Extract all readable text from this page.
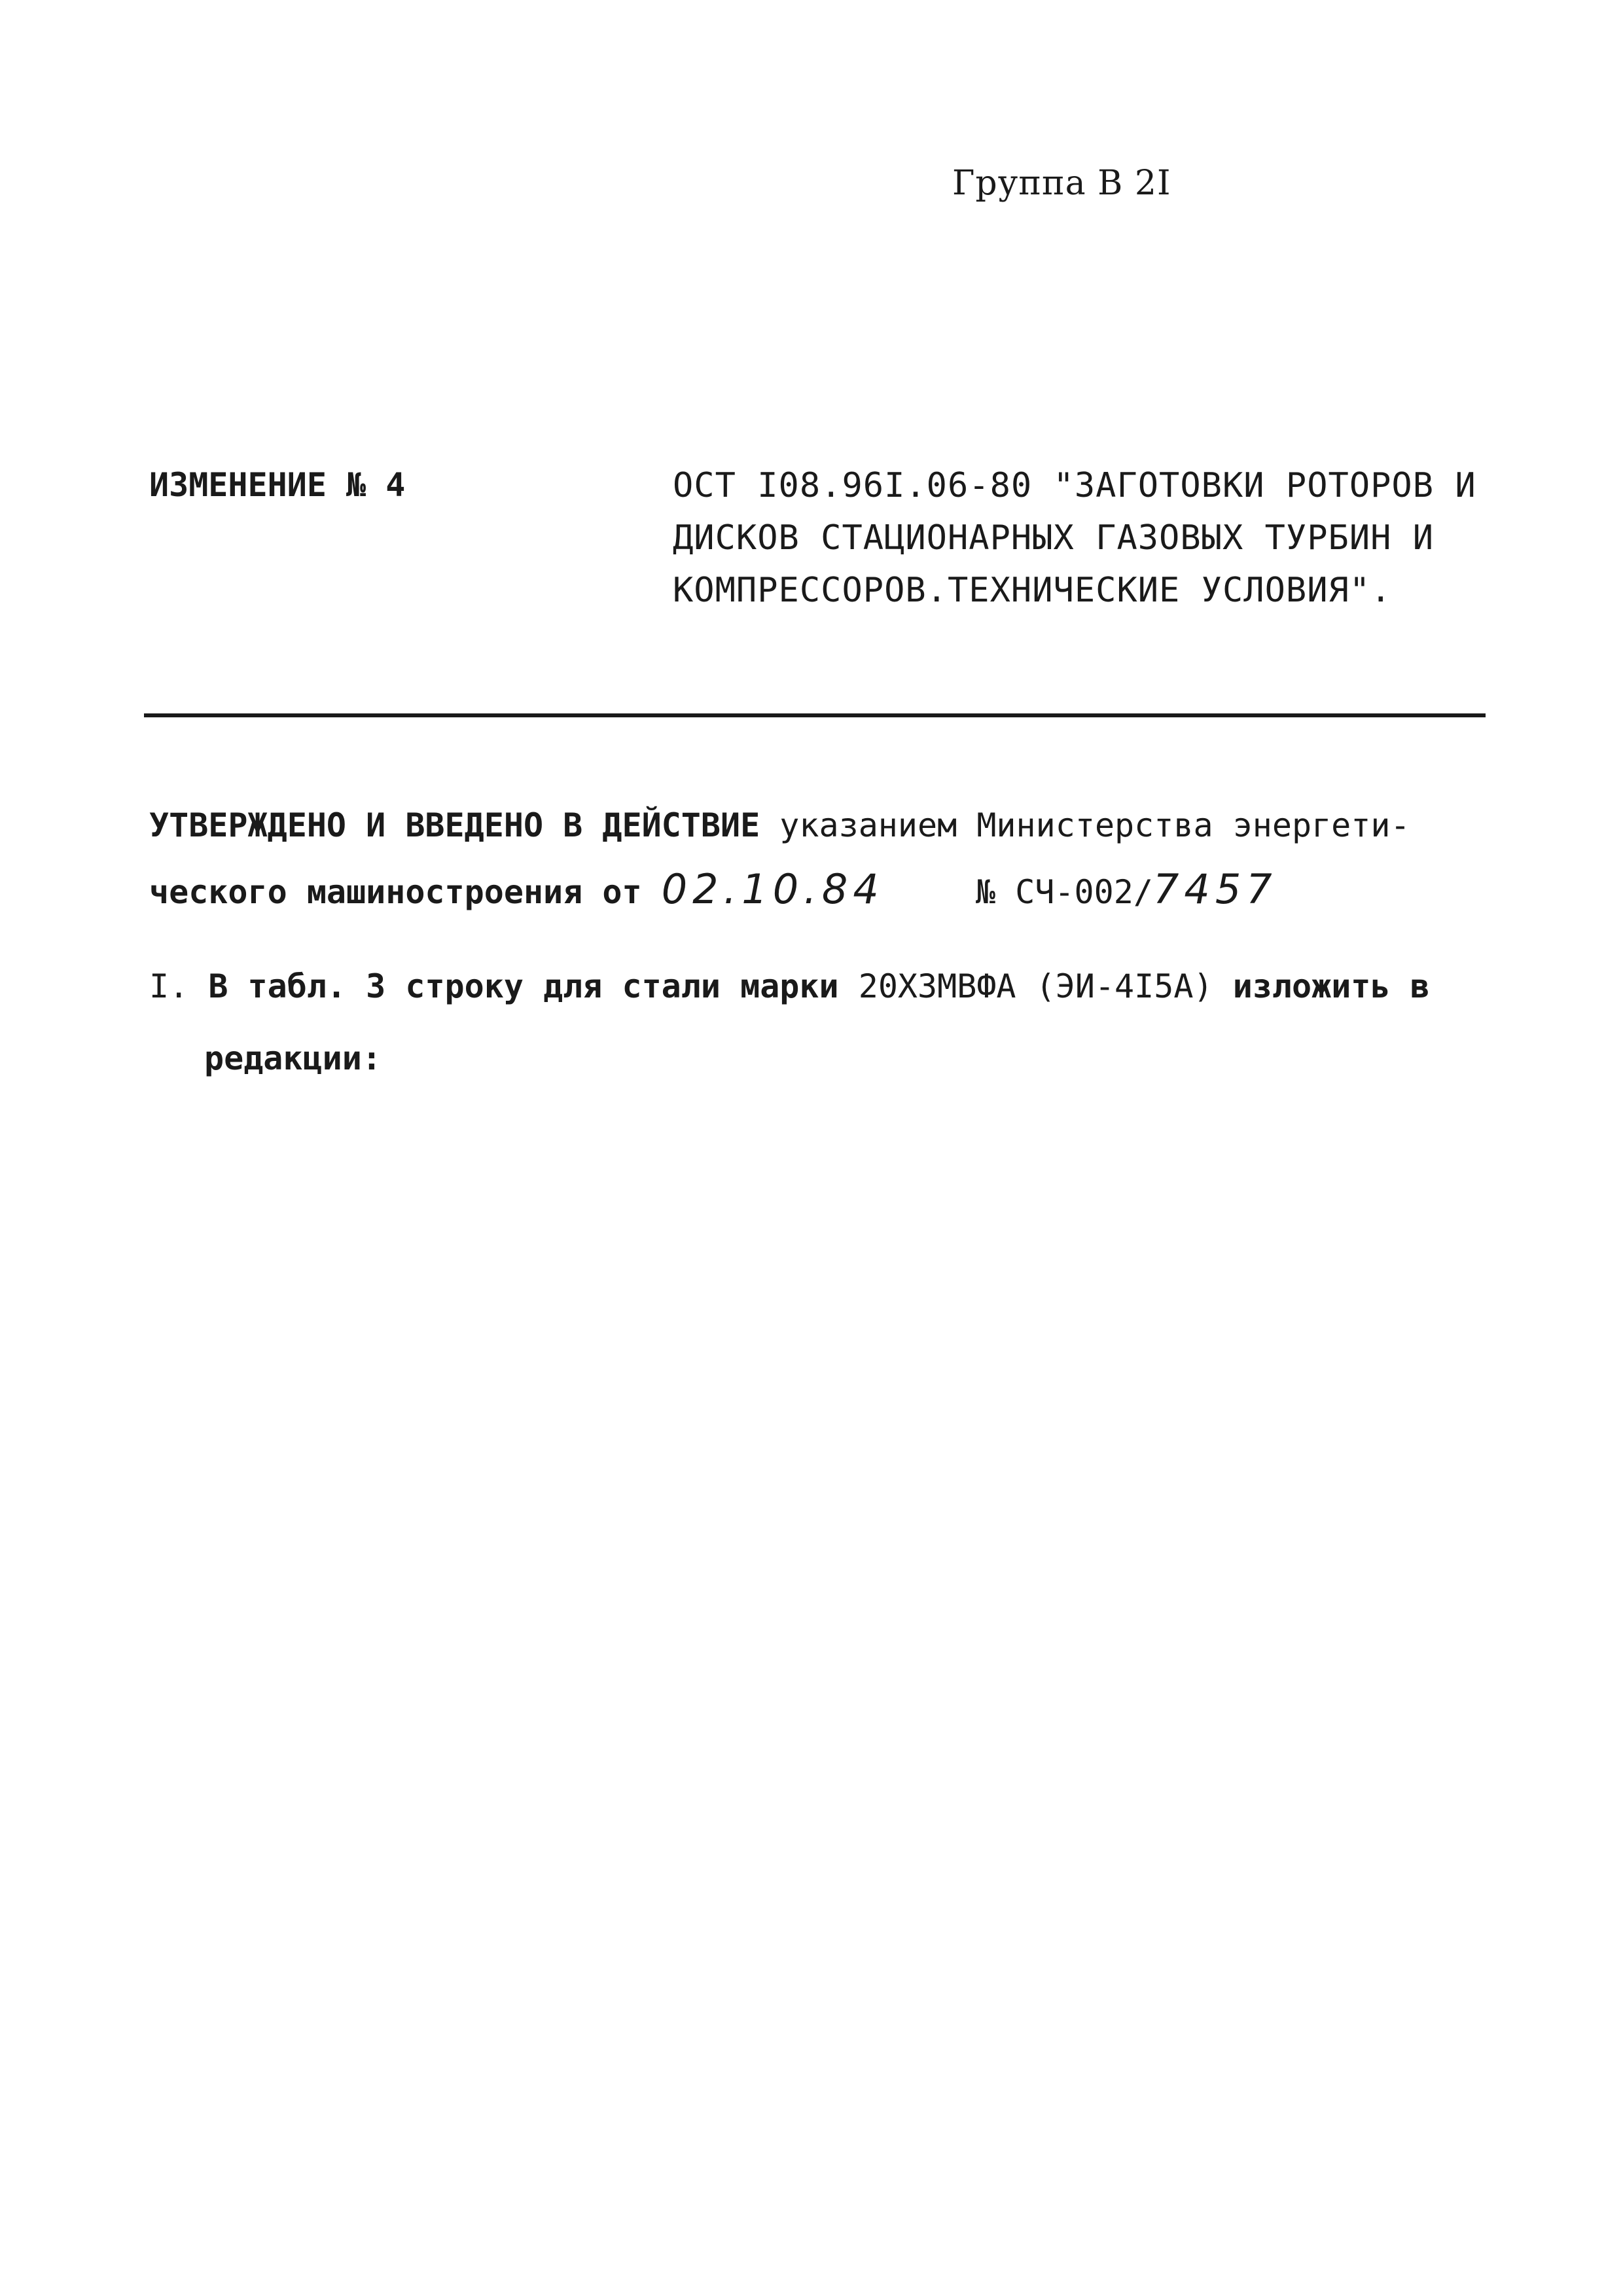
Группа В 2I
ИЗМЕНЕНИЕ № 4	ОСТ I08.96I.06-80 "ЗАГОТОВКИ РОТОРОВ И
ДИСКОВ СТАЦИОНАРНЫХ ГАЗОВЫХ ТУРБИН И
КОМПРЕССОРОВ.ТЕХНИЧЕСКИЕ УСЛОВИЯ".
УТВЕРЖДЕНО И ВВЕДЕНО В ДЕЙСТВИЕ указанием Министерства энергети-
ческого машиностроения от 02.10.84	№ СЧ-002/7457
I. В табл. 3 строку для стали марки 20Х3МВФА (ЭИ-4I5А) изложить в
редакции:
